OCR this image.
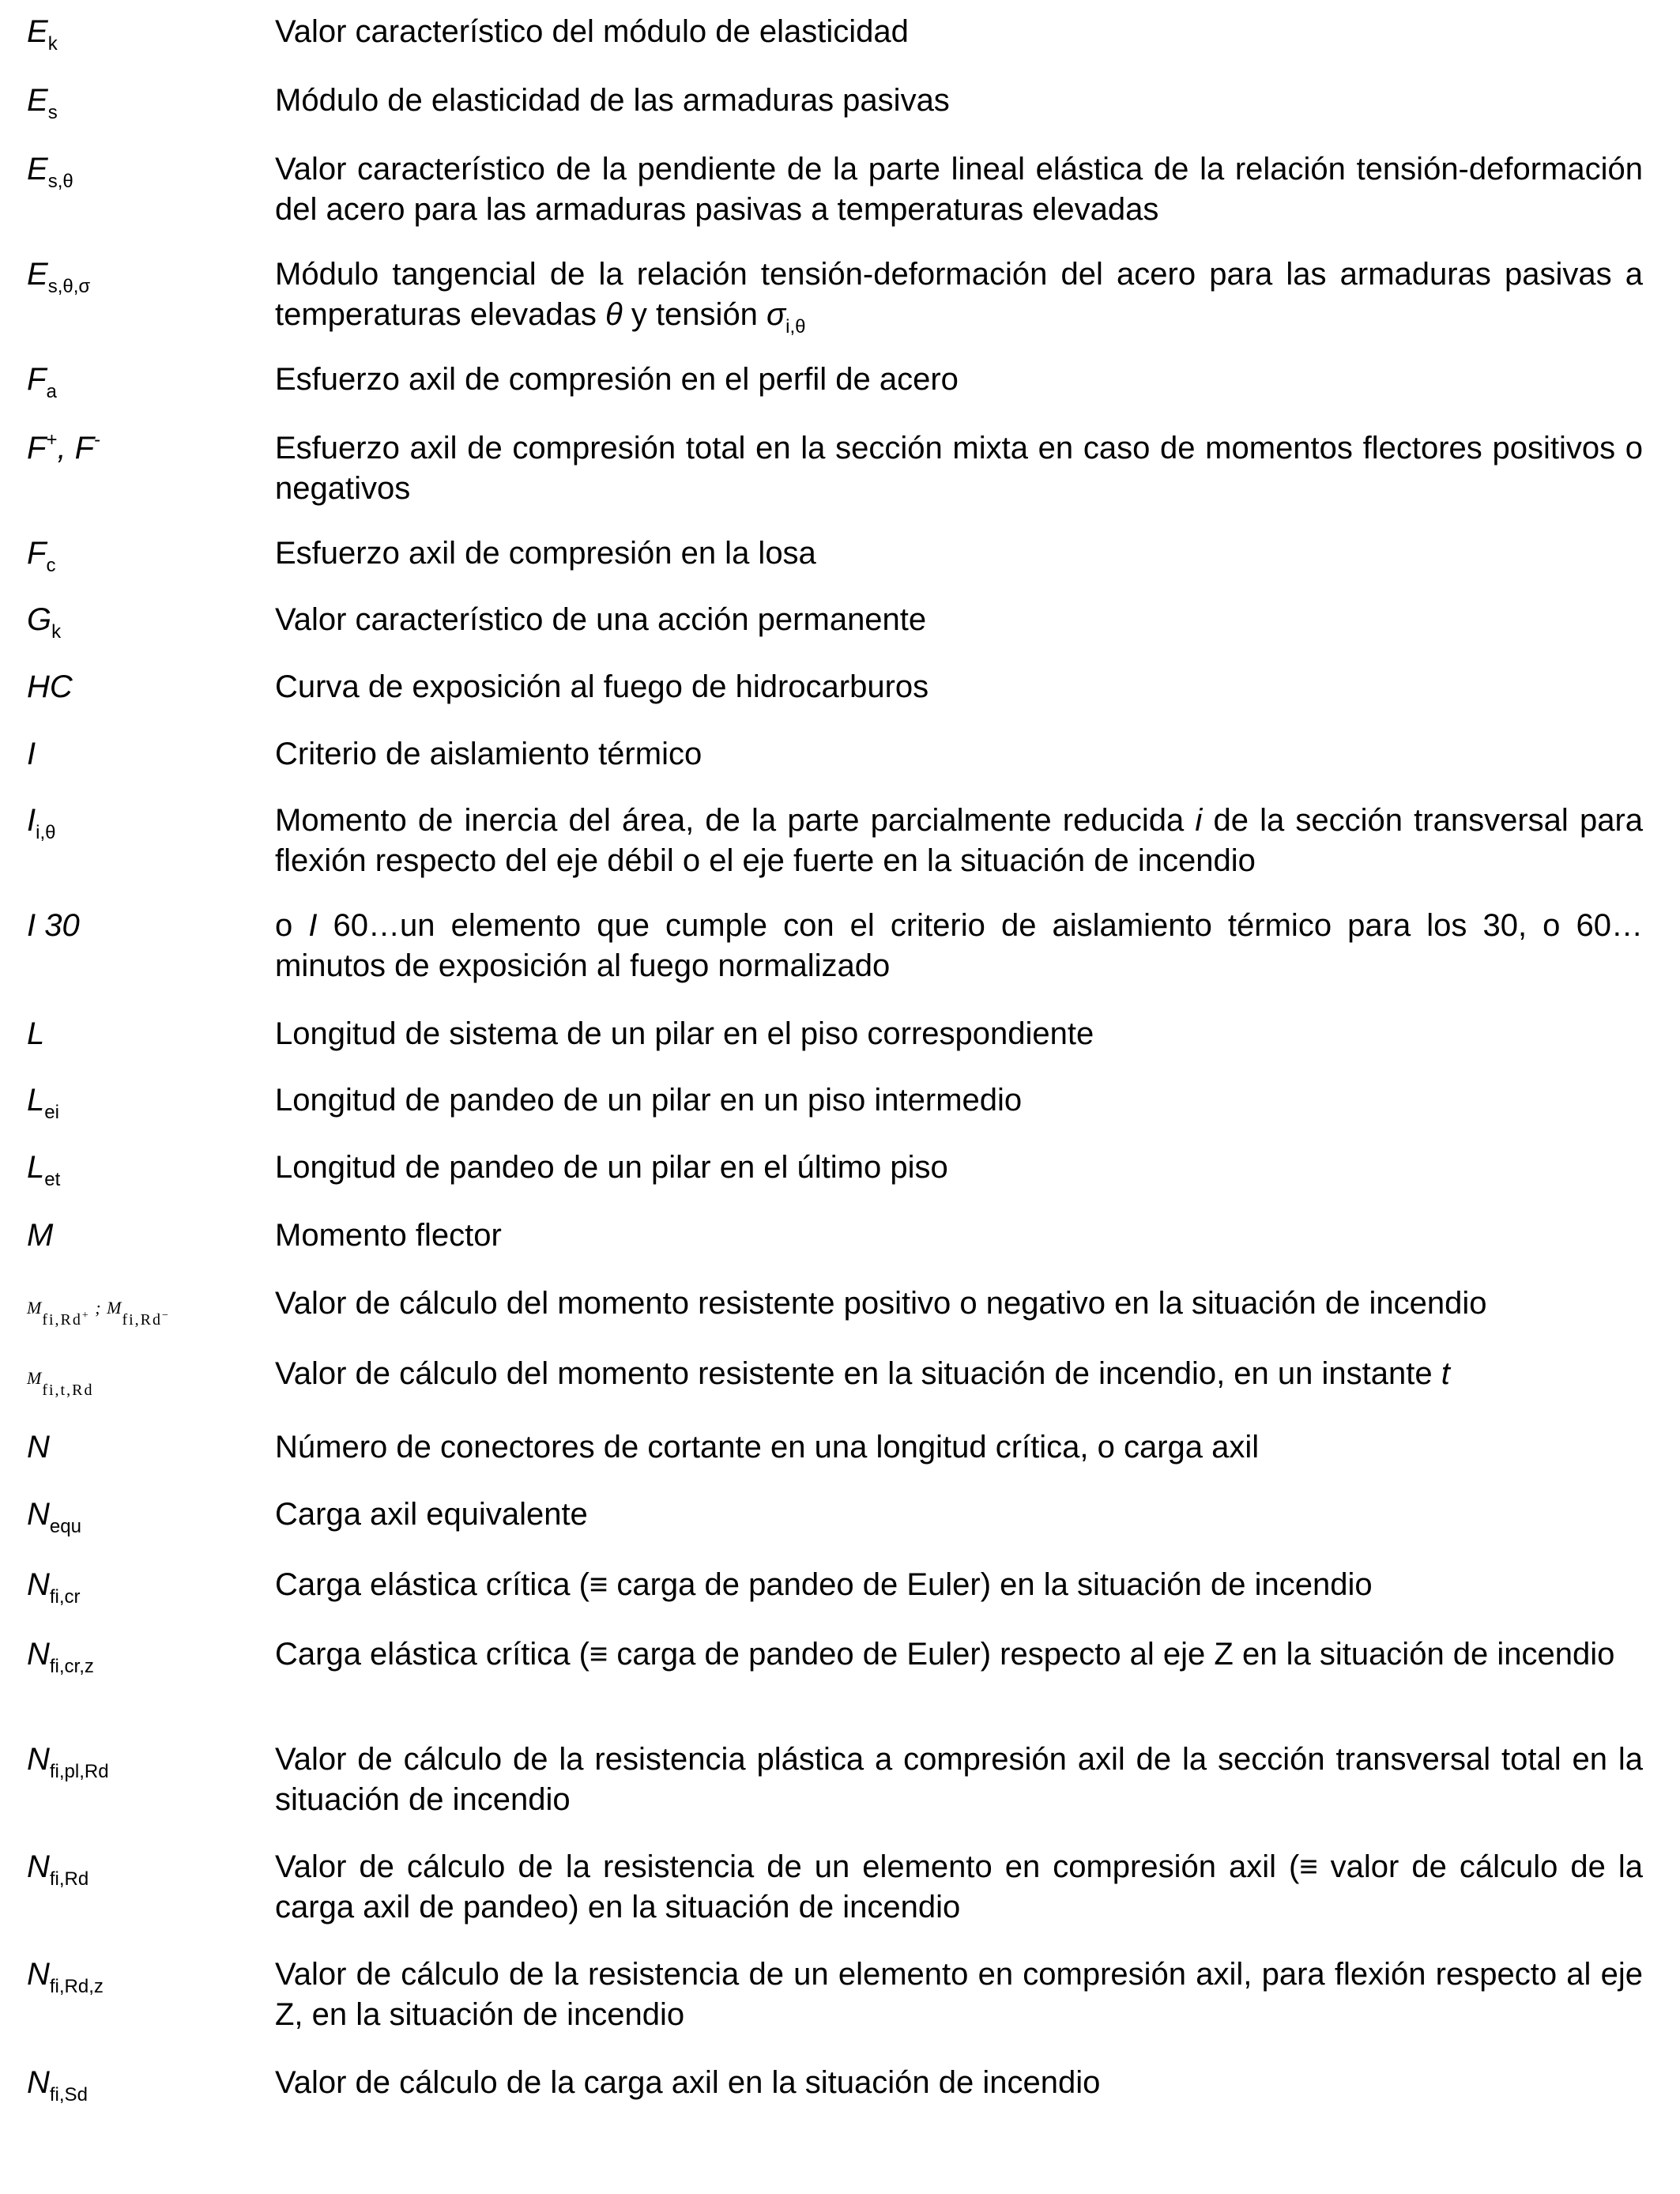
$E_k$	Valor característico del módulo de elasticidad
$E_s$	Módulo de elasticidad de las armaduras pasivas
$E_{s,\theta}$	Valor característico de la pendiente de la parte lineal elástica de la relación tensión-deformación del acero para las armaduras pasivas a temperaturas elevadas
$E_{s,\theta,\sigma}$	Módulo tangencial de la relación tensión-deformación del acero para las armaduras pasivas a temperaturas elevadas θ y tensión $\sigma_{i,\theta}$
$F_a$	Esfuerzo axil de compresión en el perfil de acero
F+, F-	Esfuerzo axil de compresión total en la sección mixta en caso de momentos flectores positivos o negativos
$F_c$	Esfuerzo axil de compresión en la losa
$G_k$	Valor característico de una acción permanente
HC	Curva de exposición al fuego de hidrocarburos
I	Criterio de aislamiento térmico
$I_{i,\theta}$	Momento de inercia del área, de la parte parcialmente reducida i de la sección transversal para flexión respecto del eje débil o el eje fuerte en la situación de incendio
I 30	o I 60…un elemento que cumple con el criterio de aislamiento térmico para los 30, o 60… minutos de exposición al fuego normalizado
L	Longitud de sistema de un pilar en el piso correspondiente
$L_{ei}$	Longitud de pandeo de un pilar en un piso intermedio
$L_{et}$	Longitud de pandeo de un pilar en el último piso
M	Momento flector
$M_{fi,Rd^+}$ ; $M_{fi,Rd^-}$	Valor de cálculo del momento resistente positivo o negativo en la situación de incendio
$M_{fi,t,Rd}$	Valor de cálculo del momento resistente en la situación de incendio, en un instante t
N	Número de conectores de cortante en una longitud crítica, o carga axil
$N_{equ}$	Carga axil equivalente
$N_{fi,cr}$	Carga elástica crítica (≡ carga de pandeo de Euler) en la situación de incendio
$N_{fi,cr,z}$	Carga elástica crítica (≡ carga de pandeo de Euler) respecto al eje Z en la situación de incendio
$N_{fi,pl,Rd}$	Valor de cálculo de la resistencia plástica a compresión axil de la sección transversal total en la situación de incendio
$N_{fi,Rd}$	Valor de cálculo de la resistencia de un elemento en compresión axil (≡ valor de cálculo de la carga axil de pandeo) en la situación de incendio
$N_{fi,Rd,z}$	Valor de cálculo de la resistencia de un elemento en compresión axil, para flexión respecto al eje Z, en la situación de incendio
$N_{fi,Sd}$	Valor de cálculo de la carga axil en la situación de incendio
